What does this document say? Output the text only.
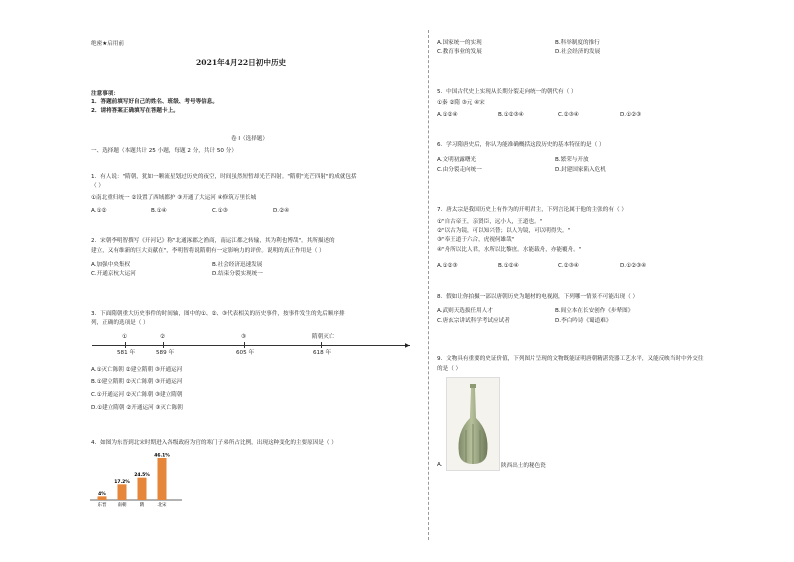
绝密★启用前
2021年4月22日初中历史
注意事项：
1．答题前填写好自己的姓名、班级、考号等信息。
2．请将答案正确填写在答题卡上。
卷 I（选择题）
一、选择题（本题共计 25 小题，每题 2 分，共计 50 分）
1．有人说："隋朝，犹如一颗流星划过历史的夜空，时间虽然短暂却光芒四射。"隋朝"光芒四射"的成就包括
（ ）
①南北重归统一 ②设置了西域都护 ③开通了大运河 ④修筑万里长城
A.①②	B.①④	C.①③	D.②④
2．宋朝李明智撰写《开河记》称"北通涿郡之渔商，南运江都之转输，其为利也博哉"。其所描述的
建立，又有维新的巨大贡献在"，李明智将说隋朝有一定影响力的评价。说明的真正作用是（ ）
A.加强中央集权	B.社会经济迅速发展
C.开通京杭大运河	D.结束分裂实现统一
3．下面隋朝重大历史事件的时间轴，图中的①、②、③代表相关的历史事件，按事件发生的先后顺序排
列，正确的选项是（ ）
①	②	③	隋朝灭亡
▶
581 年	589 年	605 年	618 年
A.①灭亡陈朝 ②建立隋朝 ③开通运河
B.①建立隋朝 ②灭亡陈朝 ③开通运河
C.①开通运河 ②灭亡陈朝 ③建立隋朝
D.①建立隋朝 ②开通运河 ③灭亡陈朝
4．如图为东晋到北宋时期进入各级政府为官的寒门子弟所占比例，出现这种变化的主要原因是（ ）
4%
东晋
17.2%
南朝
24.5%
隋
46.1%
北宋
A.国家统一的实现	B.科举制度的推行
C.教育事业的发展	D.社会经济的发展
5．中国古代史上实现从长期分裂走向统一的朝代有（ ）
①秦 ②隋 ③元 ④宋
A.①②④	B.①②③④	C.②③④	D.①②③
6．学习隋唐史后，你认为能准确概括这段历史的基本特征的是（ ）
A.文明初露曙光	B.繁荣与开放
C.由分裂走向统一	D.封建国家陷入危机
7．唐太宗是我国历史上有作为的开明君主，下列言论属于他的主张的有（ ）
①"自古帝王，亲贤臣，远小人，王道也。"
②"以古为镜，可以知兴替；以人为镜，可以明得失。"
③"奉王道于六合，虎视何雄哉"
④"舟所以比人君，水所以比黎庶。水能载舟，亦能覆舟。"
A.①②③	B.①②④	C.②③④	D.①②③④
8．假如让你拍摄一部以唐朝历史为题材的电视剧，下列哪一情景不可能出现（ ）
A.武则天选拔任用人才	B.阎立本在长安创作《步辇图》
C.唐玄宗讲试科学考试应试者	D.李白吟诗《蜀道难》
9．文物具有重要的史证价值，下列图片呈现的文物既能证明唐朝精湛瓷器工艺水平，又能反映当时中外交往
的是（ ）
A.	陕西出土的秘色瓷
